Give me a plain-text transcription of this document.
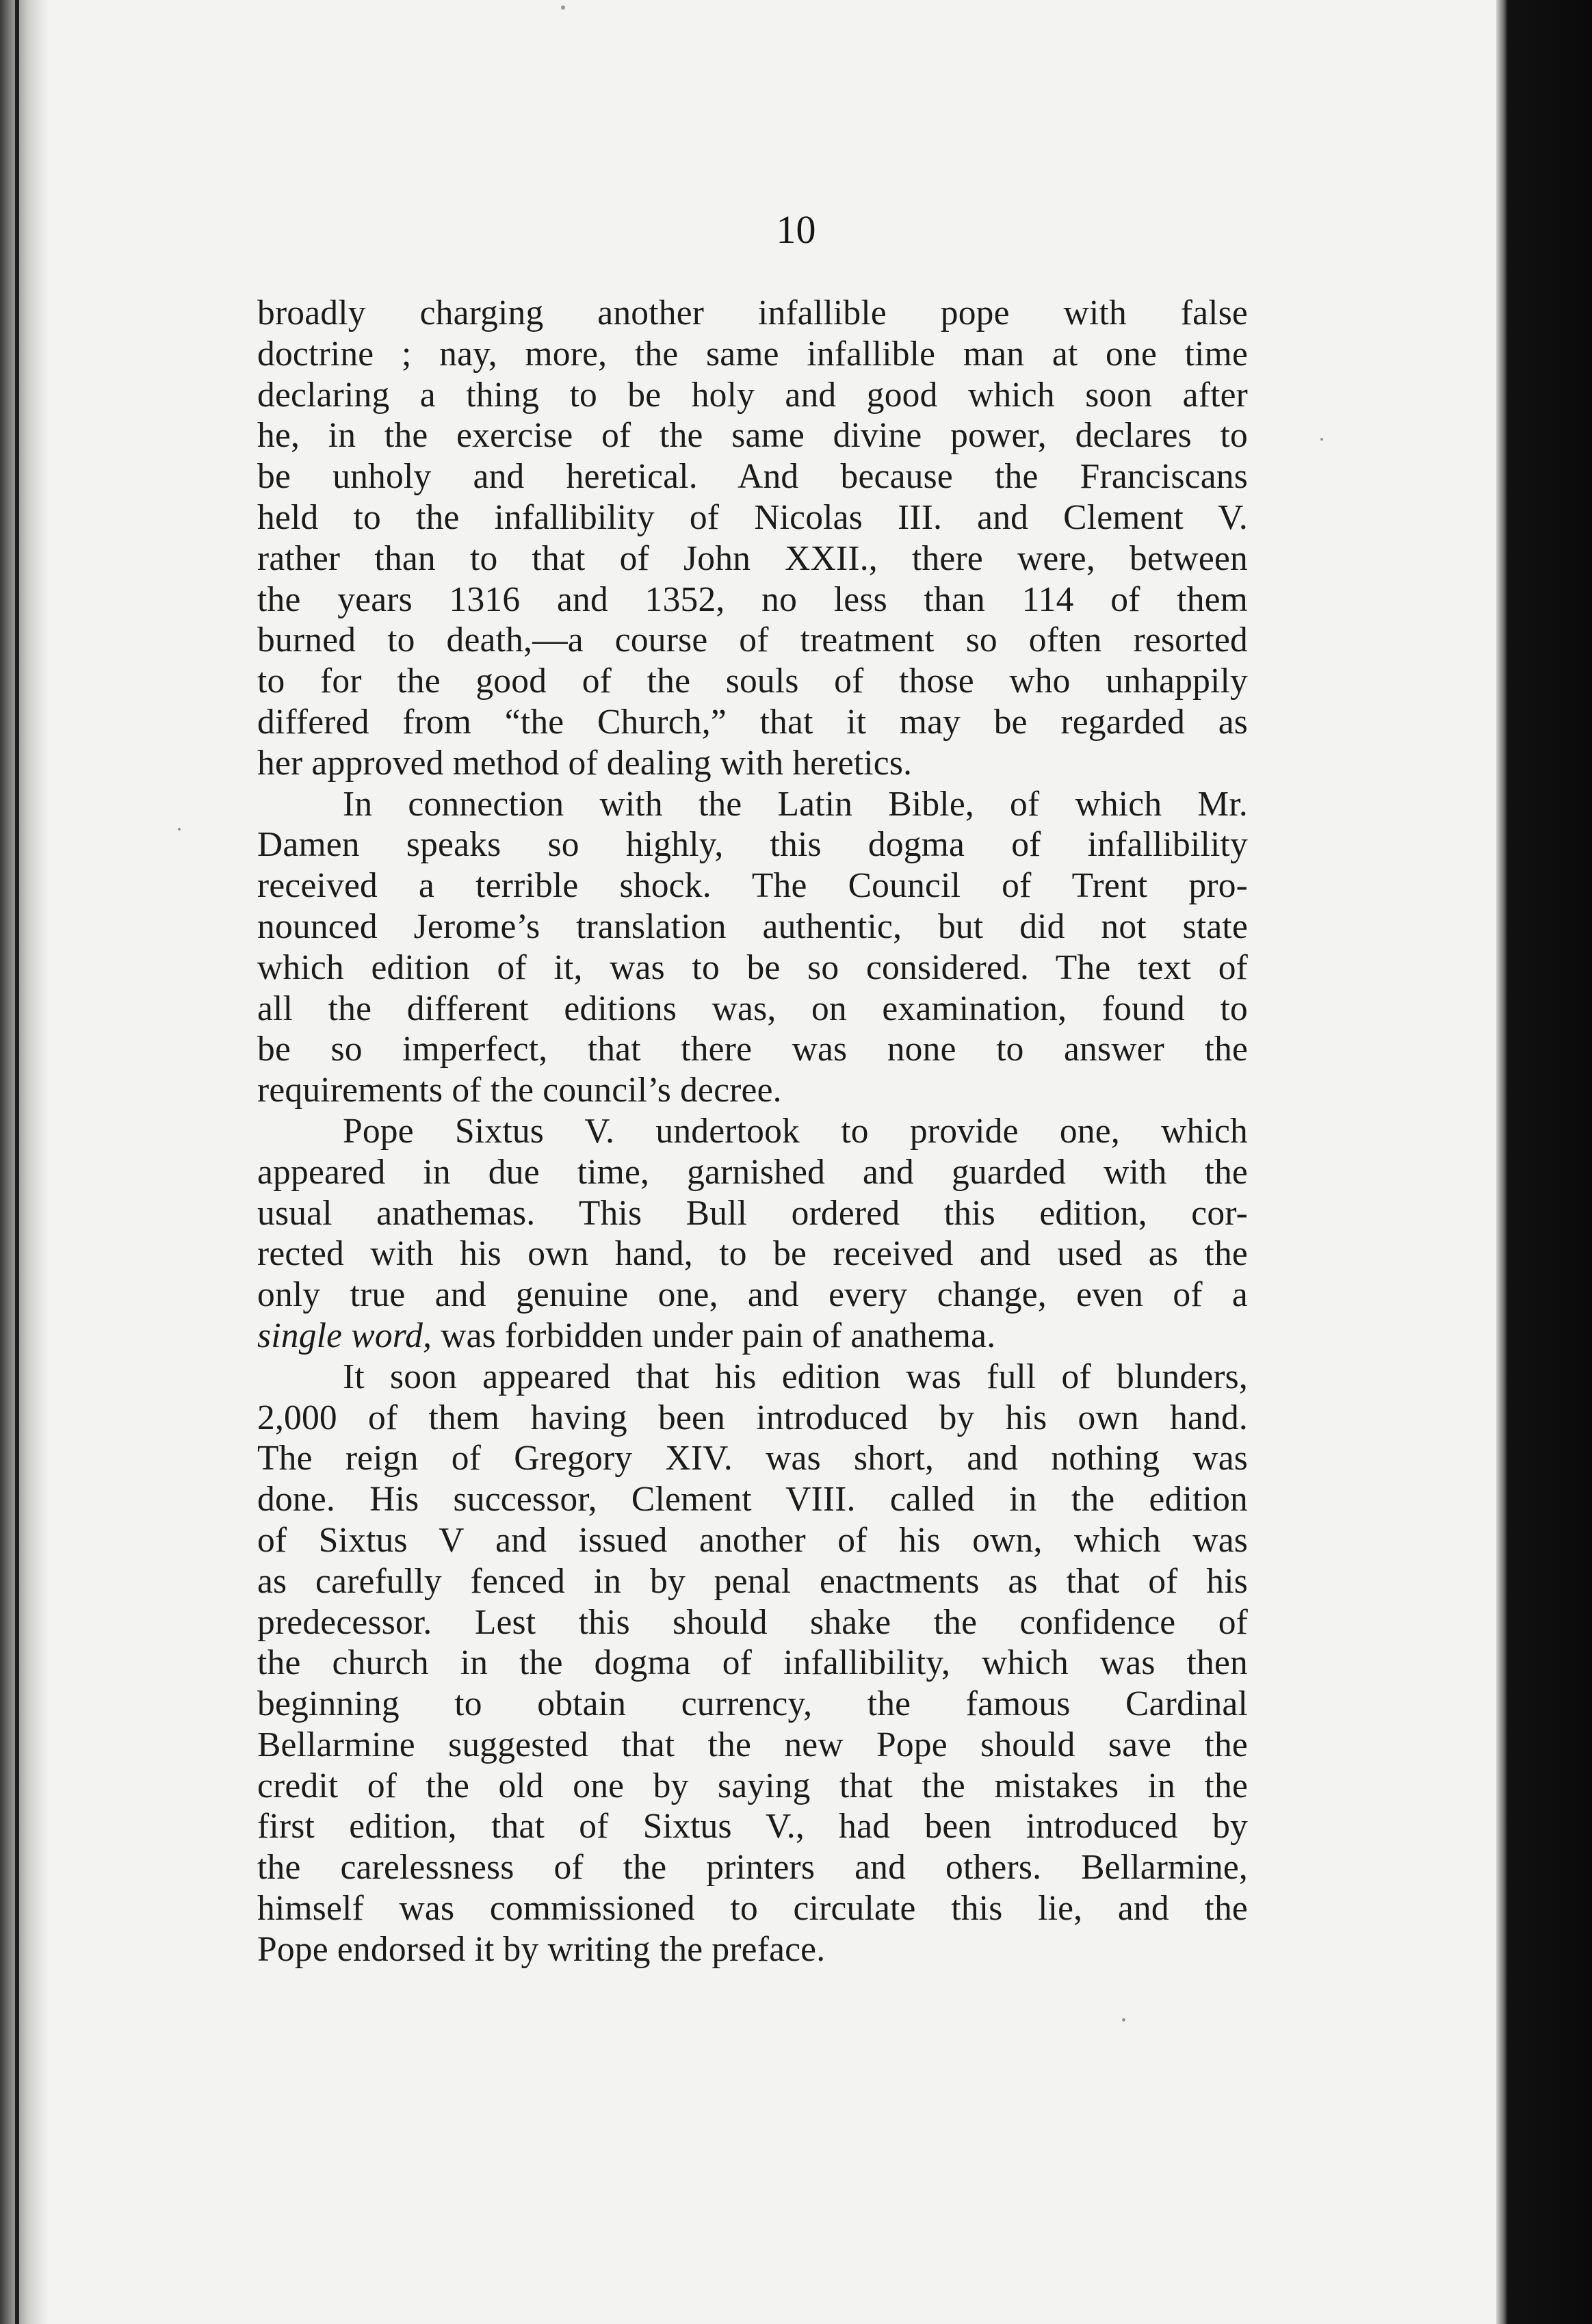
10
broadly charging another infallible pope with false
doctrine ; nay, more, the same infallible man at one time
declaring a thing to be holy and good which soon after
he, in the exercise of the same divine power, declares to
be unholy and heretical. And because the Franciscans
held to the infallibility of Nicolas III. and Clement V.
rather than to that of John XXII., there were, between
the years 1316 and 1352, no less than 114 of them
burned to death,—a course of treatment so often resorted
to for the good of the souls of those who unhappily
differed from “the Church,” that it may be regarded as
her approved method of dealing with heretics.
In connection with the Latin Bible, of which Mr.
Damen speaks so highly, this dogma of infallibility
received a terrible shock. The Council of Trent pro-
nounced Jerome’s translation authentic, but did not state
which edition of it, was to be so considered. The text of
all the different editions was, on examination, found to
be so imperfect, that there was none to answer the
requirements of the council’s decree.
Pope Sixtus V. undertook to provide one, which
appeared in due time, garnished and guarded with the
usual anathemas. This Bull ordered this edition, cor-
rected with his own hand, to be received and used as the
only true and genuine one, and every change, even of a
single word, was forbidden under pain of anathema.
It soon appeared that his edition was full of blunders,
2,000 of them having been introduced by his own hand.
The reign of Gregory XIV. was short, and nothing was
done. His successor, Clement VIII. called in the edition
of Sixtus V and issued another of his own, which was
as carefully fenced in by penal enactments as that of his
predecessor. Lest this should shake the confidence of
the church in the dogma of infallibility, which was then
beginning to obtain currency, the famous Cardinal
Bellarmine suggested that the new Pope should save the
credit of the old one by saying that the mistakes in the
first edition, that of Sixtus V., had been introduced by
the carelessness of the printers and others. Bellarmine,
himself was commissioned to circulate this lie, and the
Pope endorsed it by writing the preface.
